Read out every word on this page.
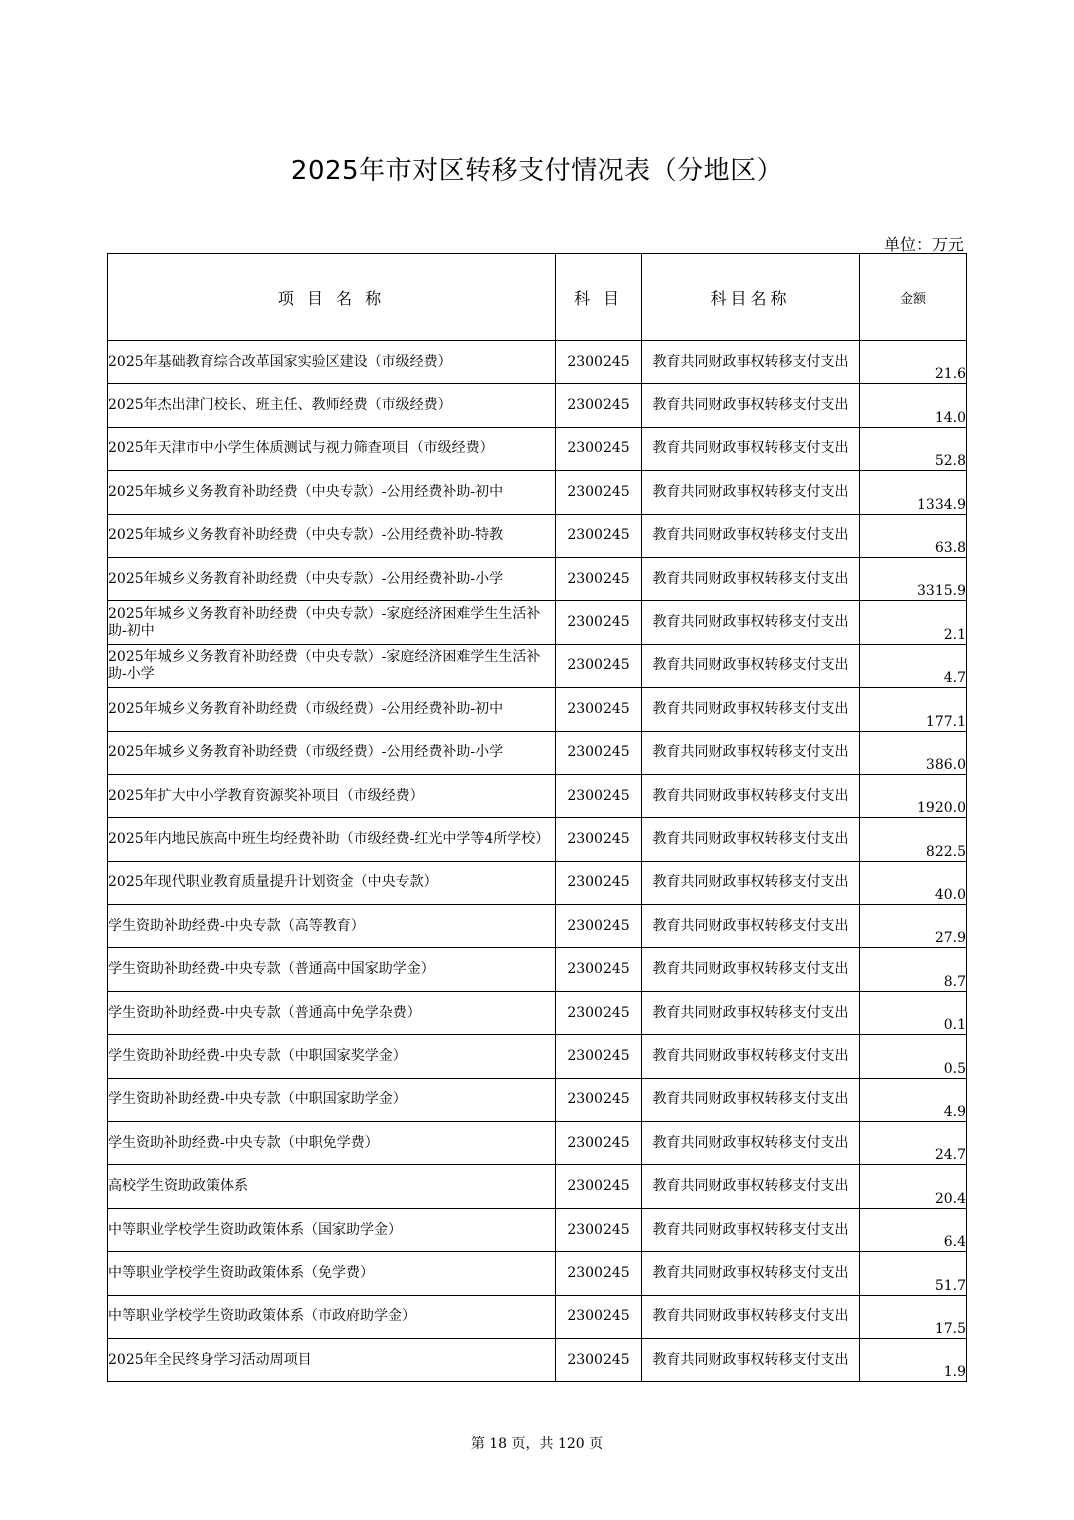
2025年市对区转移支付情况表（分地区）
单位：万元
项 目 名 称	科 目	科目名称	金额
2025年基础教育综合改革国家实验区建设（市级经费）	2300245	教育共同财政事权转移支付支出	21.6
2025年杰出津门校长、班主任、教师经费（市级经费）	2300245	教育共同财政事权转移支付支出	14.0
2025年天津市中小学生体质测试与视力筛查项目（市级经费）	2300245	教育共同财政事权转移支付支出	52.8
2025年城乡义务教育补助经费（中央专款）-公用经费补助-初中	2300245	教育共同财政事权转移支付支出	1334.9
2025年城乡义务教育补助经费（中央专款）-公用经费补助-特教	2300245	教育共同财政事权转移支付支出	63.8
2025年城乡义务教育补助经费（中央专款）-公用经费补助-小学	2300245	教育共同财政事权转移支付支出	3315.9
2025年城乡义务教育补助经费（中央专款）-家庭经济困难学生生活补助-初中	2300245	教育共同财政事权转移支付支出	2.1
2025年城乡义务教育补助经费（中央专款）-家庭经济困难学生生活补助-小学	2300245	教育共同财政事权转移支付支出	4.7
2025年城乡义务教育补助经费（市级经费）-公用经费补助-初中	2300245	教育共同财政事权转移支付支出	177.1
2025年城乡义务教育补助经费（市级经费）-公用经费补助-小学	2300245	教育共同财政事权转移支付支出	386.0
2025年扩大中小学教育资源奖补项目（市级经费）	2300245	教育共同财政事权转移支付支出	1920.0
2025年内地民族高中班生均经费补助（市级经费-红光中学等4所学校）	2300245	教育共同财政事权转移支付支出	822.5
2025年现代职业教育质量提升计划资金（中央专款）	2300245	教育共同财政事权转移支付支出	40.0
学生资助补助经费-中央专款（高等教育）	2300245	教育共同财政事权转移支付支出	27.9
学生资助补助经费-中央专款（普通高中国家助学金）	2300245	教育共同财政事权转移支付支出	8.7
学生资助补助经费-中央专款（普通高中免学杂费）	2300245	教育共同财政事权转移支付支出	0.1
学生资助补助经费-中央专款（中职国家奖学金）	2300245	教育共同财政事权转移支付支出	0.5
学生资助补助经费-中央专款（中职国家助学金）	2300245	教育共同财政事权转移支付支出	4.9
学生资助补助经费-中央专款（中职免学费）	2300245	教育共同财政事权转移支付支出	24.7
高校学生资助政策体系	2300245	教育共同财政事权转移支付支出	20.4
中等职业学校学生资助政策体系（国家助学金）	2300245	教育共同财政事权转移支付支出	6.4
中等职业学校学生资助政策体系（免学费）	2300245	教育共同财政事权转移支付支出	51.7
中等职业学校学生资助政策体系（市政府助学金）	2300245	教育共同财政事权转移支付支出	17.5
2025年全民终身学习活动周项目	2300245	教育共同财政事权转移支付支出	1.9
第 18 页，共 120 页
